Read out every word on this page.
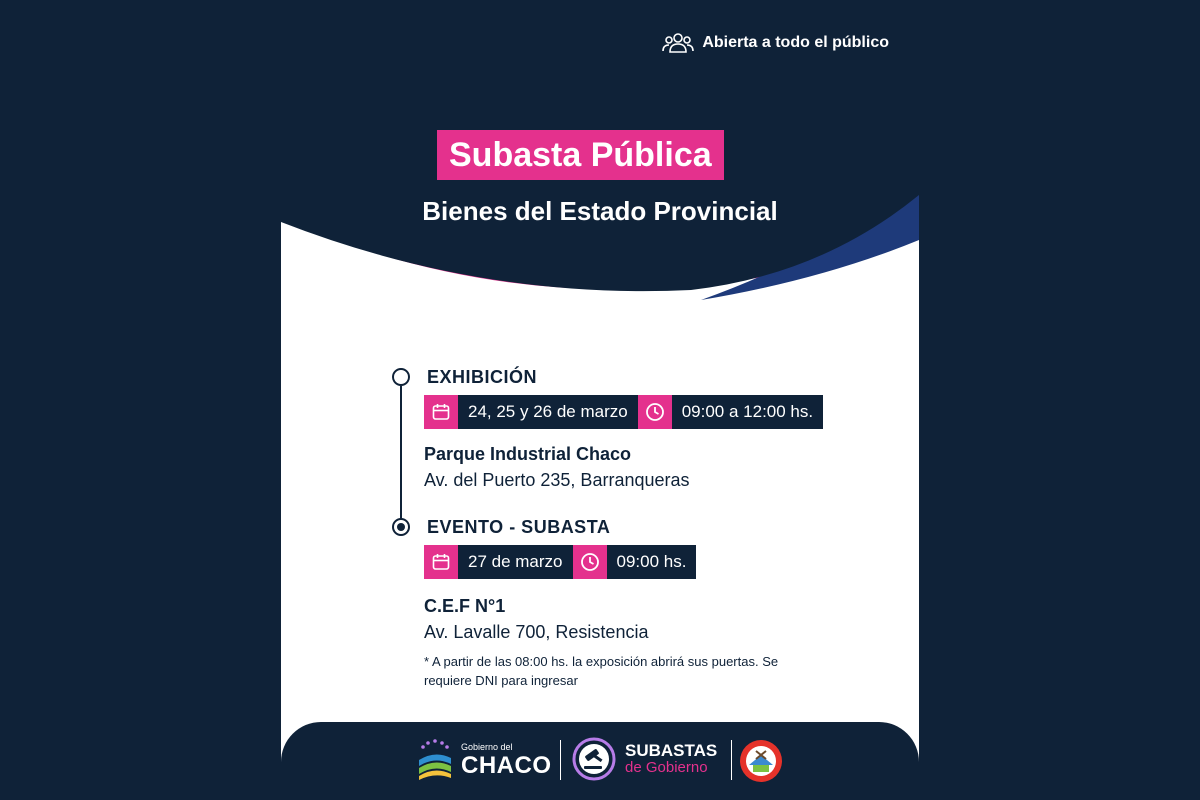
Abierta a todo el público
Subasta Pública
Bienes del Estado Provincial
EXHIBICIÓN
24, 25 y 26 de marzo	09:00 a 12:00 hs.
Parque Industrial Chaco
Av. del Puerto 235, Barranqueras
EVENTO - SUBASTA
27 de marzo	09:00 hs.
C.E.F N°1
Av. Lavalle 700, Resistencia
* A partir de las 08:00 hs. la exposición abrirá sus puertas. Se requiere DNI para ingresar
Gobierno del
CHACO
SUBASTAS
de Gobierno
